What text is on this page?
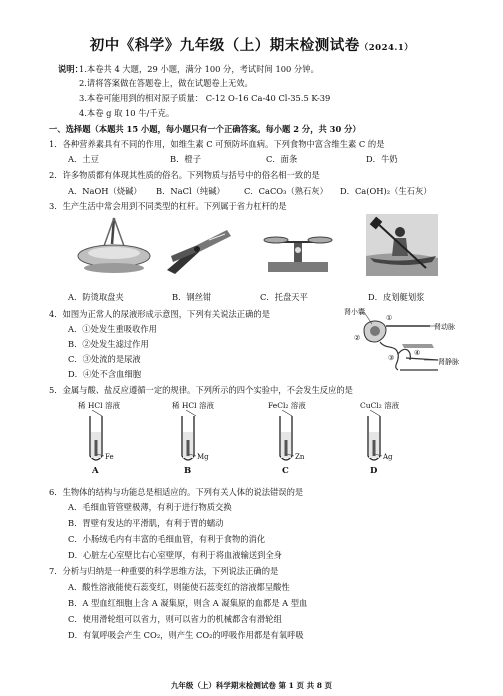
初中《科学》九年级（上）期末检测试卷（2024.1）
说明：
1.本卷共 4 大题，29 小题，满分 100 分，考试时间 100 分钟。
2.请将答案做在答题卷上，做在试题卷上无效。
3.本卷可能用到的相对原子质量： C-12 O-16 Ca-40 Cl-35.5 K-39
4.本卷 g 取 10 牛/千克。
一、选择题（本题共 15 小题，每小题只有一个正确答案。每小题 2 分，共 30 分）
1．各种营养素具有不同的作用，如维生素 C 可预防坏血病。下列食物中富含维生素 C 的是
A．土豆	B．橙子	C．面条	D．牛奶
2．许多物质都有体现其性质的俗名。下列物质与括号中的俗名相一致的是
A．NaOH（烧碱） B．NaCl（纯碱） C．CaCO₃（熟石灰） D．Ca(OH)₂（生石灰）
3．生产生活中常会用到不同类型的杠杆。下列属于省力杠杆的是
A．防烫取盘夹	B．钢丝钳	C．托盘天平	D．皮划艇划浆
4．如图为正常人的尿液形成示意图，下列有关说法正确的是
A．①处发生重吸收作用
B．②处发生滤过作用
C．③处流的是尿液
D．④处不含血细胞
肾小囊
肾动脉
肾静脉
①
②
③
④
5．金属与酸、盐反应遵循一定的规律。下列所示的四个实验中，不会发生反应的是
稀 HCl 溶液	稀 HCl 溶液	FeCl₂ 溶液	CuCl₂ 溶液
Fe	Mg	Zn	Ag
A	B	C	D
6．生物体的结构与功能总是相适应的。下列有关人体的说法错误的是
A．毛细血管管壁极薄，有利于进行物质交换
B．胃壁有发达的平滑肌，有利于胃的蠕动
C．小肠绒毛内有丰富的毛细血管，有利于食物的消化
D．心脏左心室壁比右心室壁厚，有利于将血液输送到全身
7．分析与归纳是一种重要的科学思维方法，下列说法正确的是
A．酸性溶液能使石蕊变红，则能使石蕊变红的溶液都呈酸性
B．A 型血红细胞上含 A 凝集原，则含 A 凝集原的血都是 A 型血
C．使用滑轮组可以省力，则可以省力的机械都含有滑轮组
D．有氧呼吸会产生 CO₂，则产生 CO₂的呼吸作用都是有氧呼吸
九年级（上）科学期末检测试卷 第 1 页 共 8 页
